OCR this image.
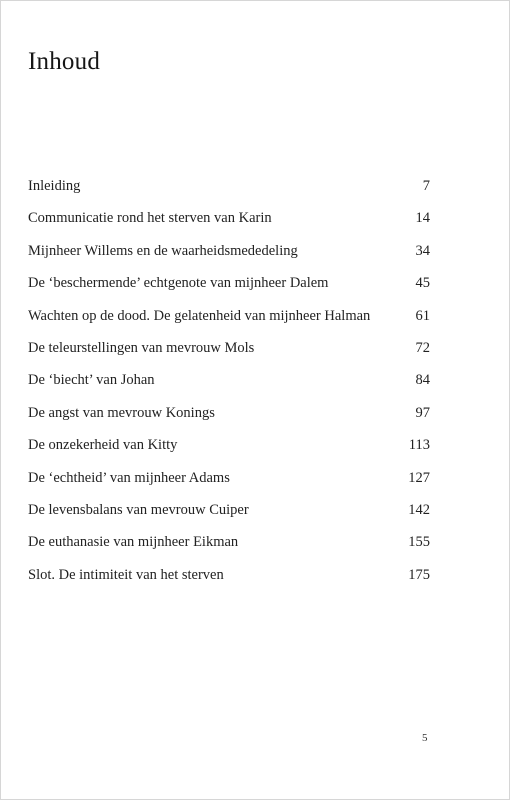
Inhoud
Inleiding	7
Communicatie rond het sterven van Karin	14
Mijnheer Willems en de waarheidsmededeling	34
De ‘beschermende’ echtgenote van mijnheer Dalem	45
Wachten op de dood. De gelatenheid van mijnheer Halman	61
De teleurstellingen van mevrouw Mols	72
De ‘biecht’ van Johan	84
De angst van mevrouw Konings	97
De onzekerheid van Kitty	113
De ‘echtheid’ van mijnheer Adams	127
De levensbalans van mevrouw Cuiper	142
De euthanasie van mijnheer Eikman	155
Slot. De intimiteit van het sterven	175
5
